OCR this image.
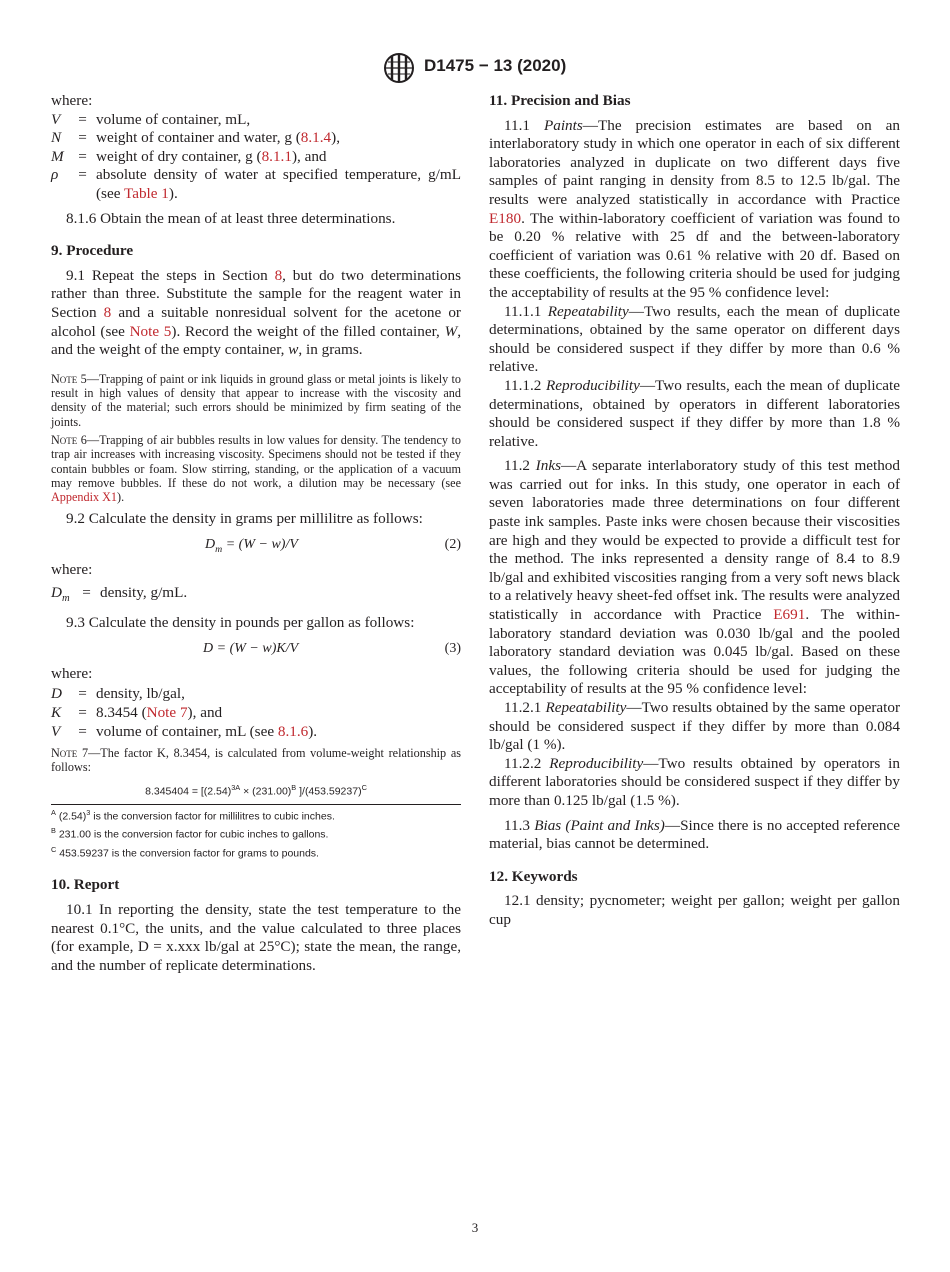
D1475 − 13 (2020)

where:

V	= volume of container, mL,
N	= weight of container and water, g (8.1.4),
M = weight of dry container, g (8.1.1), and
ρ	= absolute density of water at specified temperature, g/mL (see Table 1).

8.1.6 Obtain the mean of at least three determinations.

9. Procedure

9.1 Repeat the steps in Section 8, but do two determinations rather than three. Substitute the sample for the reagent water in Section 8 and a suitable nonresidual solvent for the acetone or alcohol (see Note 5). Record the weight of the filled container, W, and the weight of the empty container, w, in grams.

Note 5—Trapping of paint or ink liquids in ground glass or metal joints is likely to result in high values of density that appear to increase with the viscosity and density of the material; such errors should be minimized by firm seating of the joints.

Note 6—Trapping of air bubbles results in low values for density. The tendency to trap air increases with increasing viscosity. Specimens should not be tested if they contain bubbles or foam. Slow stirring, standing, or the application of a vacuum may remove bubbles. If these do not work, a dilution may be necessary (see Appendix X1).

9.2 Calculate the density in grams per millilitre as follows:

$D_m = (W - w)/V$	(2)

where:

$D_m$ = density, g/mL.

9.3 Calculate the density in pounds per gallon as follows:

D = (W − w)K/V	(3)

where:

D	= density, lb/gal,
K	= 8.3454 (Note 7), and
V	= volume of container, mL (see 8.1.6).

Note 7—The factor K, 8.3454, is calculated from volume-weight relationship as follows:

$8.345404 = [(2.54)^{3A} \times (231.00)^B$ ]$/(453.59237)^C$
$^A$ $(2.54)^3$ is the conversion factor for millilitres to cubic inches.
$^B$ 231.00 is the conversion factor for cubic inches to gallons.
$^C$ 453.59237 is the conversion factor for grams to pounds.

10. Report

10.1 In reporting the density, state the test temperature to the nearest 0.1°C, the units, and the value calculated to three places (for example, D = x.xxx lb/gal at 25°C); state the mean, the range, and the number of replicate determinations.

11. Precision and Bias

11.1 Paints—The precision estimates are based on an interlaboratory study in which one operator in each of six different laboratories analyzed in duplicate on two different days five samples of paint ranging in density from 8.5 to 12.5 lb/gal. The results were analyzed statistically in accordance with Practice E180. The within-laboratory coefficient of variation was found to be 0.20 % relative with 25 df and the between-laboratory coefficient of variation was 0.61 % relative with 20 df. Based on these coefficients, the following criteria should be used for judging the acceptability of results at the 95 % confidence level:

11.1.1 Repeatability—Two results, each the mean of duplicate determinations, obtained by the same operator on different days should be considered suspect if they differ by more than 0.6 % relative.

11.1.2 Reproducibility—Two results, each the mean of duplicate determinations, obtained by operators in different laboratories should be considered suspect if they differ by more than 1.8 % relative.

11.2 Inks—A separate interlaboratory study of this test method was carried out for inks. In this study, one operator in each of seven laboratories made three determinations on four different paste ink samples. Paste inks were chosen because their viscosities are high and they would be expected to provide a difficult test for the method. The inks represented a density range of 8.4 to 8.9 lb/gal and exhibited viscosities ranging from a very soft news black to a relatively heavy sheet-fed offset ink. The results were analyzed statistically in accordance with Practice E691. The within-laboratory standard deviation was 0.030 lb/gal and the pooled laboratory standard deviation was 0.045 lb/gal. Based on these values, the following criteria should be used for judging the acceptability of results at the 95 % confidence level:

11.2.1 Repeatability—Two results obtained by the same operator should be considered suspect if they differ by more than 0.084 lb/gal (1 %).

11.2.2 Reproducibility—Two results obtained by operators in different laboratories should be considered suspect if they differ by more than 0.125 lb/gal (1.5 %).

11.3 Bias (Paint and Inks)—Since there is no accepted reference material, bias cannot be determined.

12. Keywords

12.1 density; pycnometer; weight per gallon; weight per gallon cup

3
